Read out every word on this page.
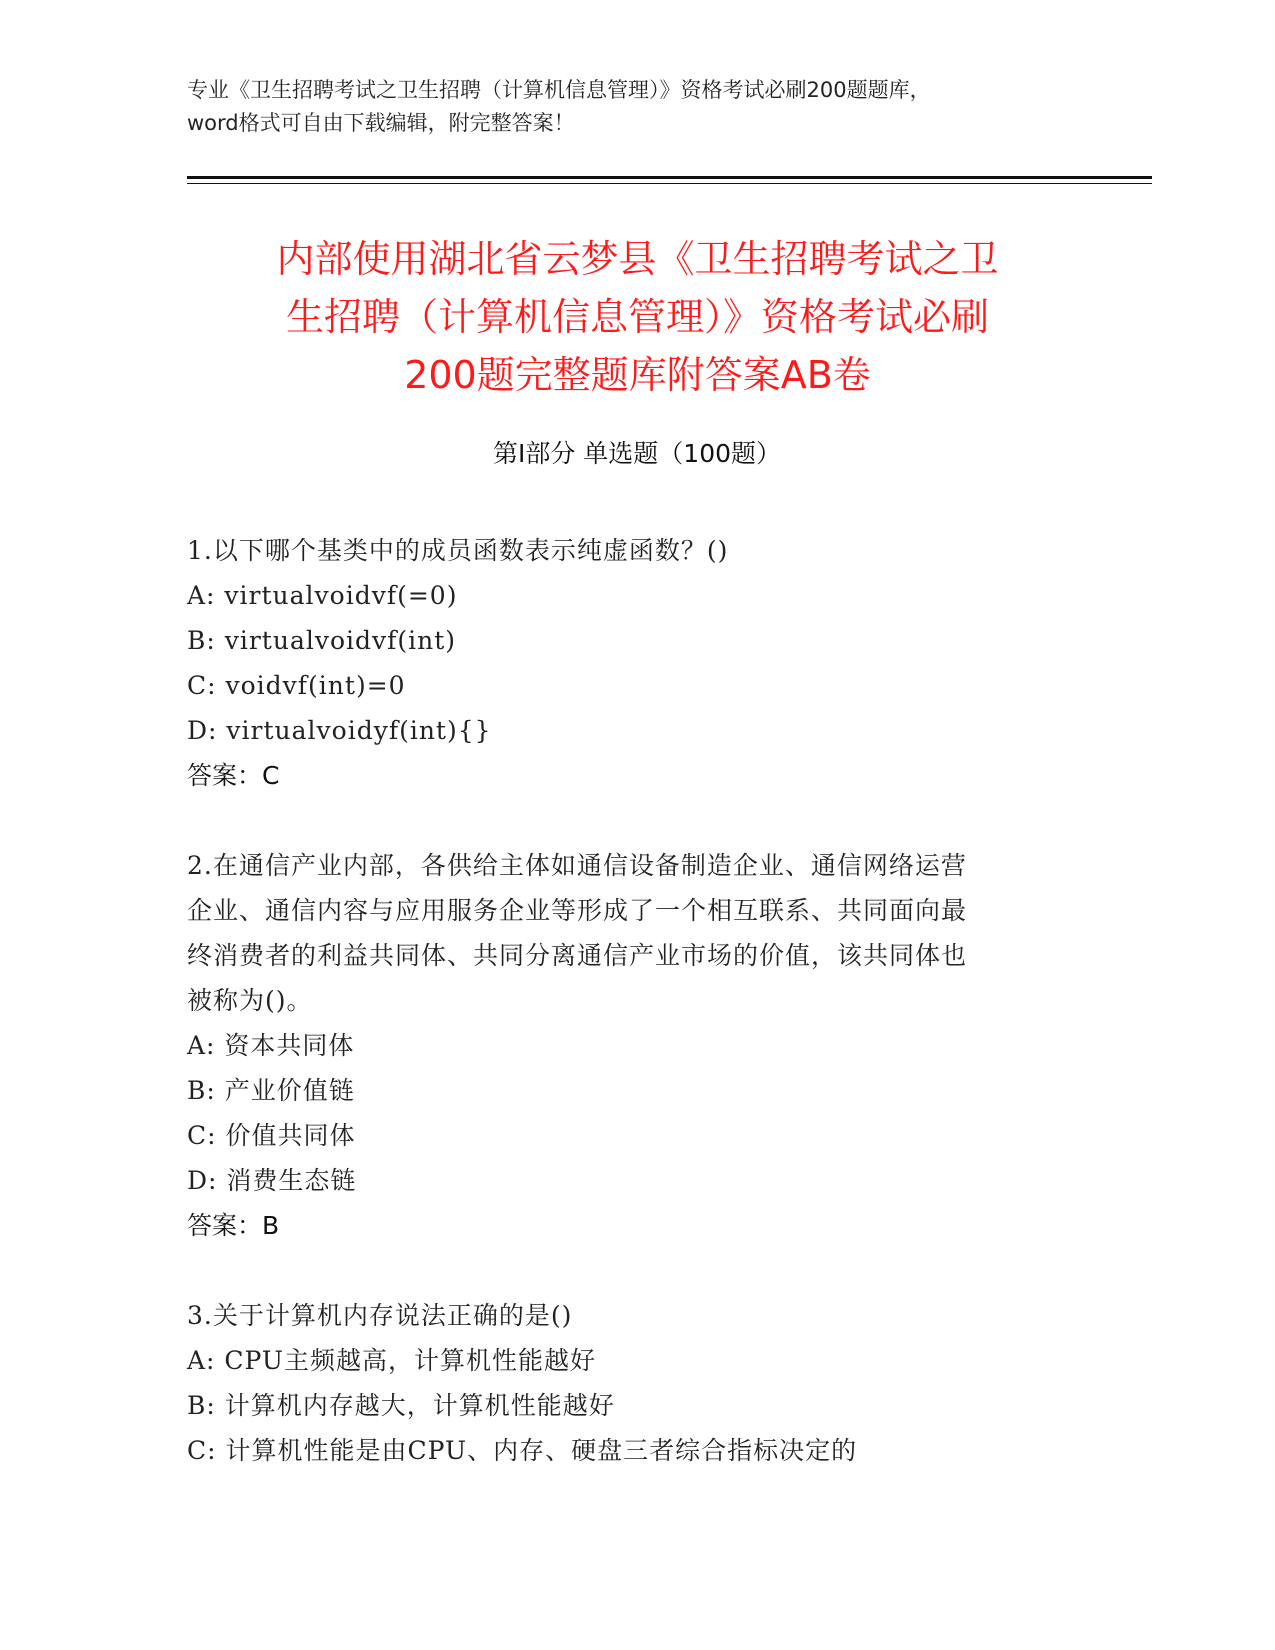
专业《卫生招聘考试之卫生招聘（计算机信息管理）》资格考试必刷200题题库，
word格式可自由下载编辑，附完整答案！
内部使用湖北省云梦县《卫生招聘考试之卫
生招聘（计算机信息管理）》资格考试必刷
200题完整题库附答案AB卷
第Ⅰ部分 单选题（100题）
1.以下哪个基类中的成员函数表示纯虚函数？()
A: virtualvoidvf(=0)
B: virtualvoidvf(int)
C: voidvf(int)=0
D: virtualvoidyf(int){}
答案：C
2.在通信产业内部，各供给主体如通信设备制造企业、通信网络运营
企业、通信内容与应用服务企业等形成了一个相互联系、共同面向最
终消费者的利益共同体、共同分离通信产业市场的价值，该共同体也
被称为()。
A: 资本共同体
B: 产业价值链
C: 价值共同体
D: 消费生态链
答案：B
3.关于计算机内存说法正确的是()
A: CPU主频越高，计算机性能越好
B: 计算机内存越大，计算机性能越好
C: 计算机性能是由CPU、内存、硬盘三者综合指标决定的
